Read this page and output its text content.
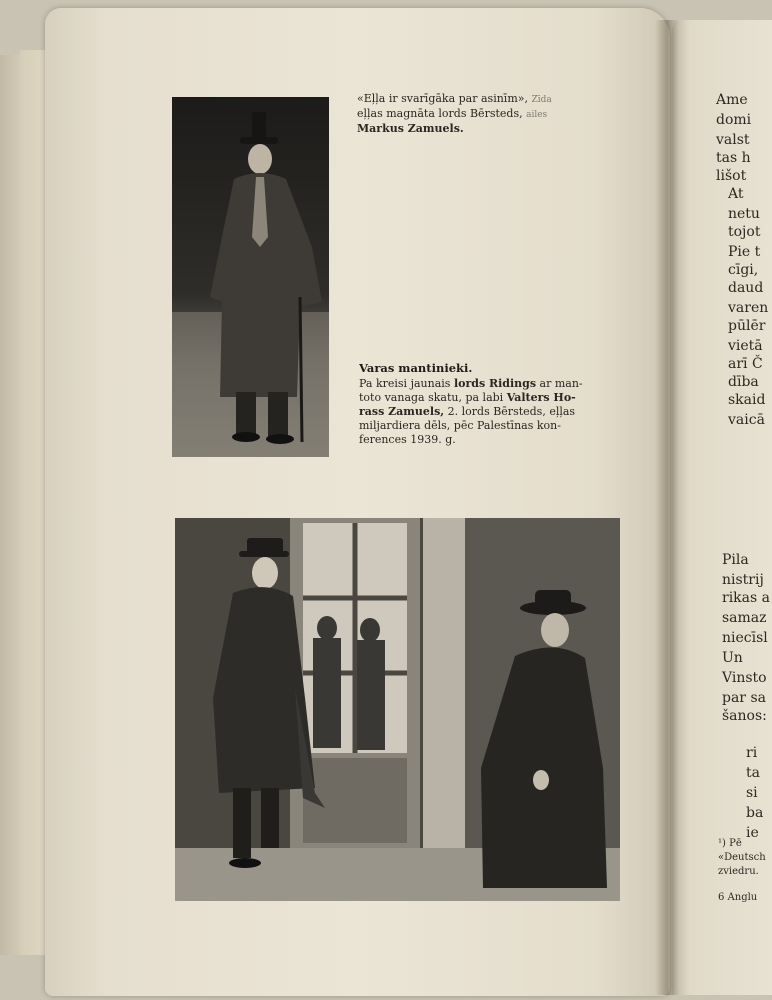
«Eļļa ir svarīgāka par asinīm», Zīda
eļļas magnāta lords Bērsteds, ailes
Markus Zamuels.
Varas mantinieki.
Pa kreisi jaunais lords Ridings ar man-
toto vanaga skatu, pa labi Valters Ho-
rass Zamuels, 2. lords Bērsteds, eļļas
miljardiera dēls, pēc Palestīnas kon-
ferences 1939. g.
Ame
domi
valst
tas h
lišot
At
netu
tojot
Pie t
cīgi,
daud
varen
pūlēr
vietā
arī Č
dība
skaid
vaicā
Pila
nistrij
rikas a
samaz
niecīsl
Un
Vinsto
par sa
šanos:
ri
ta
si
ba
ie
¹) Pē
«Deutsch
zviedru.
6 Anglu
